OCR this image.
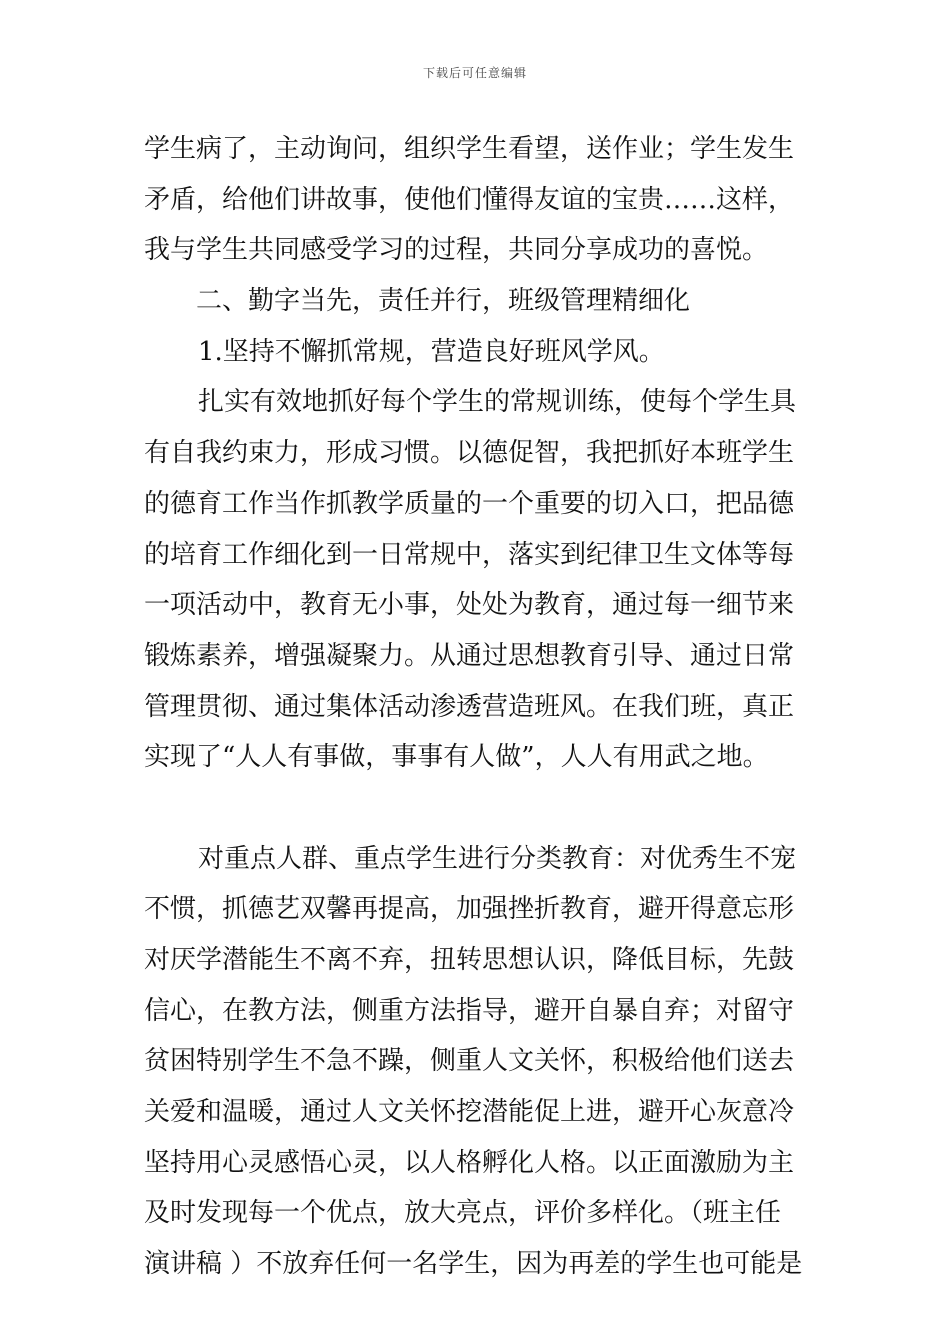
下载后可任意编辑
学生病了，主动询问，组织学生看望，送作业；学生发生
矛盾，给他们讲故事，使他们懂得友谊的宝贵……这样，
我与学生共同感受学习的过程，共同分享成功的喜悦。
二、勤字当先，责任并行，班级管理精细化
1.坚持不懈抓常规，营造良好班风学风。
扎实有效地抓好每个学生的常规训练，使每个学生具
有自我约束力，形成习惯。以德促智，我把抓好本班学生
的德育工作当作抓教学质量的一个重要的切入口，把品德
的培育工作细化到一日常规中，落实到纪律卫生文体等每
一项活动中，教育无小事，处处为教育，通过每一细节来
锻炼素养，增强凝聚力。从通过思想教育引导、通过日常
管理贯彻、通过集体活动渗透营造班风。在我们班，真正
实现了“人人有事做，事事有人做”，人人有用武之地。
对重点人群、重点学生进行分类教育：对优秀生不宠
不惯，抓德艺双馨再提高，加强挫折教育，避开得意忘形
对厌学潜能生不离不弃，扭转思想认识，降低目标，先鼓
信心，在教方法，侧重方法指导，避开自暴自弃；对留守
贫困特别学生不急不躁，侧重人文关怀，积极给他们送去
关爱和温暖，通过人文关怀挖潜能促上进，避开心灰意冷
坚持用心灵感悟心灵，以人格孵化人格。以正面激励为主
及时发现每一个优点，放大亮点，评价多样化。（班主任
演讲稿 ）不放弃任何一名学生，因为再差的学生也可能是
